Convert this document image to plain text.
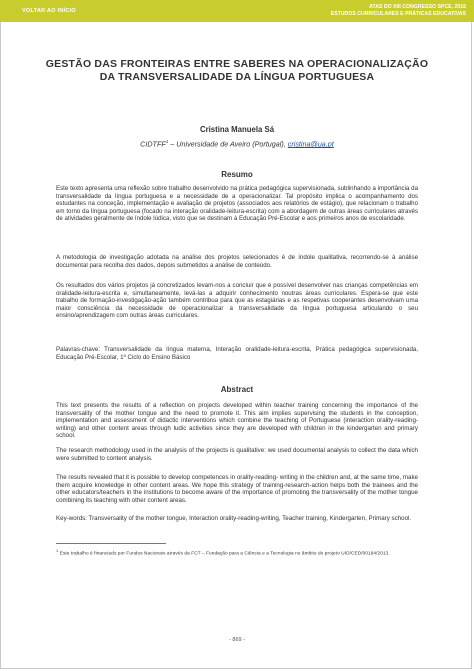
VOLTAR AO INÍCIO
ATAS DO XIII CONGRESSO SPCE, 2016
ESTUDOS CURRICULARES E PRÁTICAS EDUCATIVAS
GESTÃO DAS FRONTEIRAS ENTRE SABERES NA OPERACIONALIZAÇÃO DA TRANSVERSALIDADE DA LÍNGUA PORTUGUESA
Cristina Manuela Sá
CIDTFF$^1$ – Universidade de Aveiro (Portugal), cristina@ua.pt
Resumo
Este texto apresenta uma reflexão sobre trabalho desenvolvido na prática pedagógica supervisionada, sublinhando a importância da transversalidade da língua portuguesa e a necessidade de a operacionalizar. Tal propósito implica o acompanhamento dos estudantes na conceção, implementação e avaliação de projetos (associados aos relatórios de estágio), que relacionam o trabalho em torno da língua portuguesa (focado na interação oralidade-leitura-escrita) com a abordagem de outras áreas curriculares através de atividades geralmente de índole lúdica, visto que se destinam à Educação Pré-Escolar e aos primeiros anos de escolaridade.
A metodologia de investigação adotada na análise dos projetos selecionados é de índole qualitativa, recorrendo-se à análise documental para recolha dos dados, depois submetidos a análise de conteúdo.
Os resultados dos vários projetos já concretizados levam-nos a concluir que é possível desenvolver nas crianças competências em oralidade-leitura-escrita e, simultaneamente, levá-las a adquirir conhecimento noutras áreas curriculares. Espera-se que este trabalho de formação-investigação-ação também contribua para que as estagiárias e as respetivas cooperantes desenvolvam uma maior consciência da necessidade de operacionalizar a transversalidade da língua portuguesa articulando o seu ensino/aprendizagem com outras áreas curriculares.
Palavras-chave: Transversalidade da língua materna, Interação oralidade-leitura-escrita, Prática pedagógica supervisionada, Educação Pré-Escolar, 1º Ciclo do Ensino Básico
Abstract
This text presents the results of a reflection on projects developed within teacher training concerning the importance of the transversality of the mother tongue and the need to promote it. This aim implies supervising the students in the conception, implementation and assessment of didactic interventions which combine the teaching of Portuguese (interaction orality-reading-writing) and other content areas through ludic activities since they are developed with children in the kindergarten and primary school.
The research methodology used in the analysis of the projects is qualitative: we used documental analysis to collect the data which were submitted to content analysis.
The results revealed that it is possible to develop competences in orality-reading- writing in the children and, at the same time, make them acquire knowledge in other content areas. We hope this strategy of training-research-action helps both the trainees and the other educators/teachers in the institutions to become aware of the importance of promoting the transversality of the mother tongue combining its teaching with other content areas.
Key-words: Transversality of the mother tongue, Interaction orality-reading-writing, Teacher training, Kindergarten, Primary school.
$^1$ Este trabalho é financiado por Fundos Nacionais através da FCT – Fundação para a Ciência e a Tecnologia no âmbito do projeto UID/CED/00194/2013.
- 869 -
